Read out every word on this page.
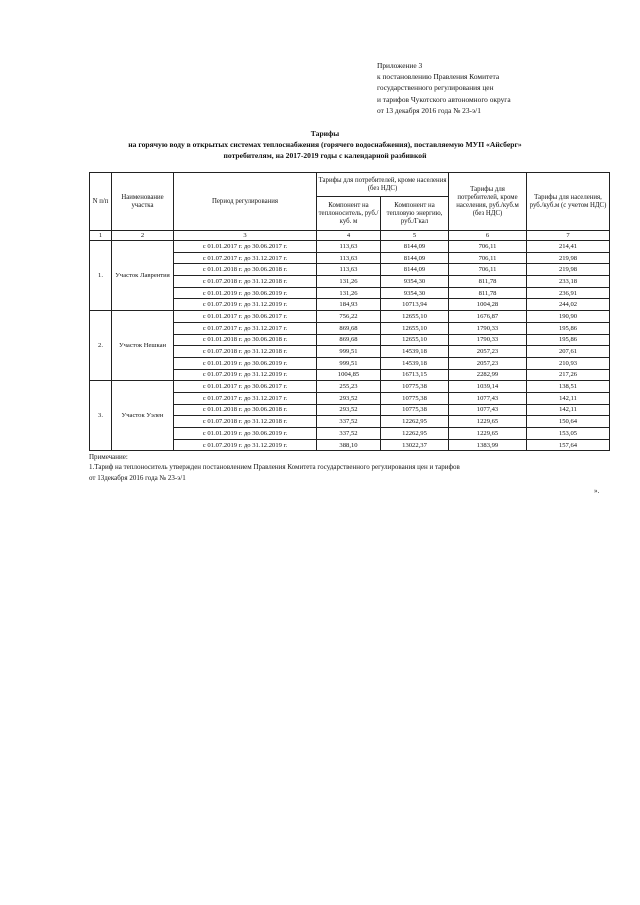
Приложение 3
к постановлению Правления Комитета
государственного регулирования цен
и тарифов Чукотского автономного округа
от 13 декабря 2016 года № 23-э/1
Тарифы
на горячую воду в открытых системах теплоснабжения (горячего водоснабжения), поставляемую МУП «Айсберг»
потребителям, на 2017-2019 годы с календарной разбивкой
N п/п	Наименование участка	Период регулирования	Тарифы для потребителей, кроме населения (без НДС)		Тарифы для потребителей, кроме населения, руб./куб.м (без НДС)	Тарифы для населения, руб./куб.м (с учетом НДС)
			Компонент на теплоноситель, руб./куб. м	Компонент на тепловую энергию, руб./Гкал		
1	2	3	4	5	6	7
1.	Участок Лаврентия	с 01.01.2017 г. до 30.06.2017 г.	113,63	8144,09	706,11	214,41
		с 01.07.2017 г. до 31.12.2017 г.	113,63	8144,09	706,11	219,98
		с 01.01.2018 г. до 30.06.2018 г.	113,63	8144,09	706,11	219,98
		с 01.07.2018 г. до 31.12.2018 г.	131,26	9354,30	811,78	233,18
		с 01.01.2019 г. до 30.06.2019 г.	131,26	9354,30	811,78	236,91
		с 01.07.2019 г. до 31.12.2019 г.	184,93	10713,94	1004,28	244,02
2.	Участок Нешкан	с 01.01.2017 г. до 30.06.2017 г.	756,22	12655,10	1676,87	190,90
		с 01.07.2017 г. до 31.12.2017 г.	869,68	12655,10	1790,33	195,86
		с 01.01.2018 г. до 30.06.2018 г.	869,68	12655,10	1790,33	195,86
		с 01.07.2018 г. до 31.12.2018 г.	999,51	14539,18	2057,23	207,61
		с 01.01.2019 г. до 30.06.2019 г.	999,51	14539,18	2057,23	210,93
		с 01.07.2019 г. до 31.12.2019 г.	1004,85	16713,15	2282,99	217,26
3.	Участок Уэлен	с 01.01.2017 г. до 30.06.2017 г.	255,23	10775,38	1039,14	138,51
		с 01.07.2017 г. до 31.12.2017 г.	293,52	10775,38	1077,43	142,11
		с 01.01.2018 г. до 30.06.2018 г.	293,52	10775,38	1077,43	142,11
		с 01.07.2018 г. до 31.12.2018 г.	337,52	12262,95	1229,65	150,64
		с 01.01.2019 г. до 30.06.2019 г.	337,52	12262,95	1229,65	153,05
		с 01.07.2019 г. до 31.12.2019 г.	388,10	13022,37	1383,99	157,64
Примечание:
1.Тариф на теплоноситель утвержден постановлением Правления Комитета государственного регулирования цен и тарифов
от 13декабря 2016 года № 23-э/1
».
